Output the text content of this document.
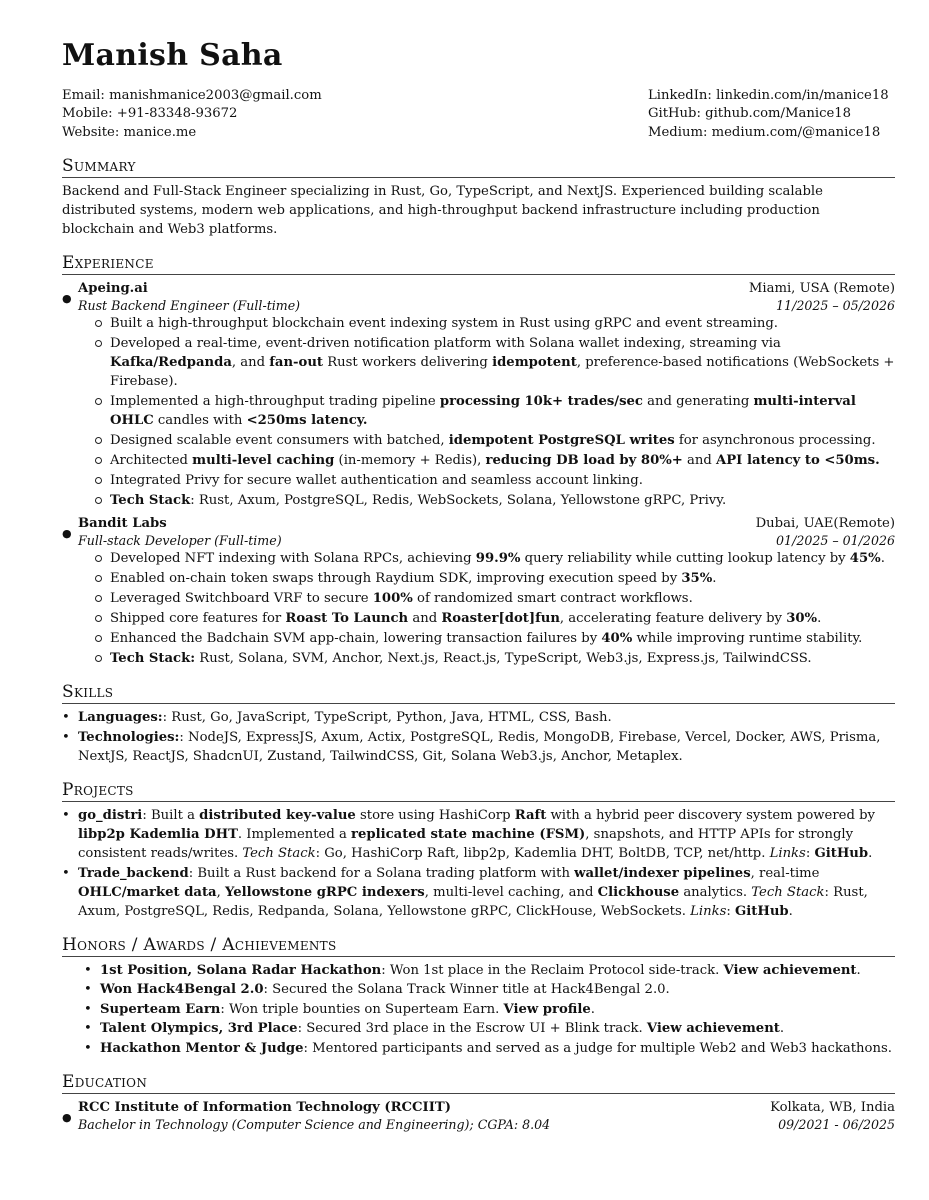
Manish Saha
Email: manishmanice2003@gmail.com
Mobile: +91-83348-93672
Website: manice.me
LinkedIn: linkedin.com/in/manice18
GitHub: github.com/Manice18
Medium: medium.com/@manice18
Summary
Backend and Full-Stack Engineer specializing in Rust, Go, TypeScript, and NextJS. Experienced building scalable distributed systems, modern web applications, and high-throughput backend infrastructure including production blockchain and Web3 platforms.
Experience
●
Apeing.ai	Miami, USA (Remote)
Rust Backend Engineer (Full-time)	11/2025 – 05/2026
Built a high-throughput blockchain event indexing system in Rust using gRPC and event streaming.
Developed a real-time, event-driven notification platform with Solana wallet indexing, streaming via Kafka/Redpanda, and fan-out Rust workers delivering idempotent, preference-based notifications (WebSockets + Firebase).
Implemented a high-throughput trading pipeline processing 10k+ trades/sec and generating multi-interval OHLC candles with <250ms latency.
Designed scalable event consumers with batched, idempotent PostgreSQL writes for asynchronous processing.
Architected multi-level caching (in-memory + Redis), reducing DB load by 80%+ and API latency to <50ms.
Integrated Privy for secure wallet authentication and seamless account linking.
Tech Stack: Rust, Axum, PostgreSQL, Redis, WebSockets, Solana, Yellowstone gRPC, Privy.
●
Bandit Labs	Dubai, UAE(Remote)
Full-stack Developer (Full-time)	01/2025 – 01/2026
Developed NFT indexing with Solana RPCs, achieving 99.9% query reliability while cutting lookup latency by 45%.
Enabled on-chain token swaps through Raydium SDK, improving execution speed by 35%.
Leveraged Switchboard VRF to secure 100% of randomized smart contract workflows.
Shipped core features for Roast To Launch and Roaster[dot]fun, accelerating feature delivery by 30%.
Enhanced the Badchain SVM app-chain, lowering transaction failures by 40% while improving runtime stability.
Tech Stack: Rust, Solana, SVM, Anchor, Next.js, React.js, TypeScript, Web3.js, Express.js, TailwindCSS.
Skills
• Languages:: Rust, Go, JavaScript, TypeScript, Python, Java, HTML, CSS, Bash.
• Technologies:: NodeJS, ExpressJS, Axum, Actix, PostgreSQL, Redis, MongoDB, Firebase, Vercel, Docker, AWS, Prisma, NextJS, ReactJS, ShadcnUI, Zustand, TailwindCSS, Git, Solana Web3.js, Anchor, Metaplex.
Projects
• go_distri: Built a distributed key-value store using HashiCorp Raft with a hybrid peer discovery system powered by libp2p Kademlia DHT. Implemented a replicated state machine (FSM), snapshots, and HTTP APIs for strongly consistent reads/writes. Tech Stack: Go, HashiCorp Raft, libp2p, Kademlia DHT, BoltDB, TCP, net/http. Links: GitHub.
• Trade_backend: Built a Rust backend for a Solana trading platform with wallet/indexer pipelines, real-time OHLC/market data, Yellowstone gRPC indexers, multi-level caching, and Clickhouse analytics. Tech Stack: Rust, Axum, PostgreSQL, Redis, Redpanda, Solana, Yellowstone gRPC, ClickHouse, WebSockets. Links: GitHub.
Honors / Awards / Achievements
• 1st Position, Solana Radar Hackathon: Won 1st place in the Reclaim Protocol side-track. View achievement.
• Won Hack4Bengal 2.0: Secured the Solana Track Winner title at Hack4Bengal 2.0.
• Superteam Earn: Won triple bounties on Superteam Earn. View profile.
• Talent Olympics, 3rd Place: Secured 3rd place in the Escrow UI + Blink track. View achievement.
• Hackathon Mentor & Judge: Mentored participants and served as a judge for multiple Web2 and Web3 hackathons.
Education
●
RCC Institute of Information Technology (RCCIIT)	Kolkata, WB, India
Bachelor in Technology (Computer Science and Engineering); CGPA: 8.04	09/2021 - 06/2025
